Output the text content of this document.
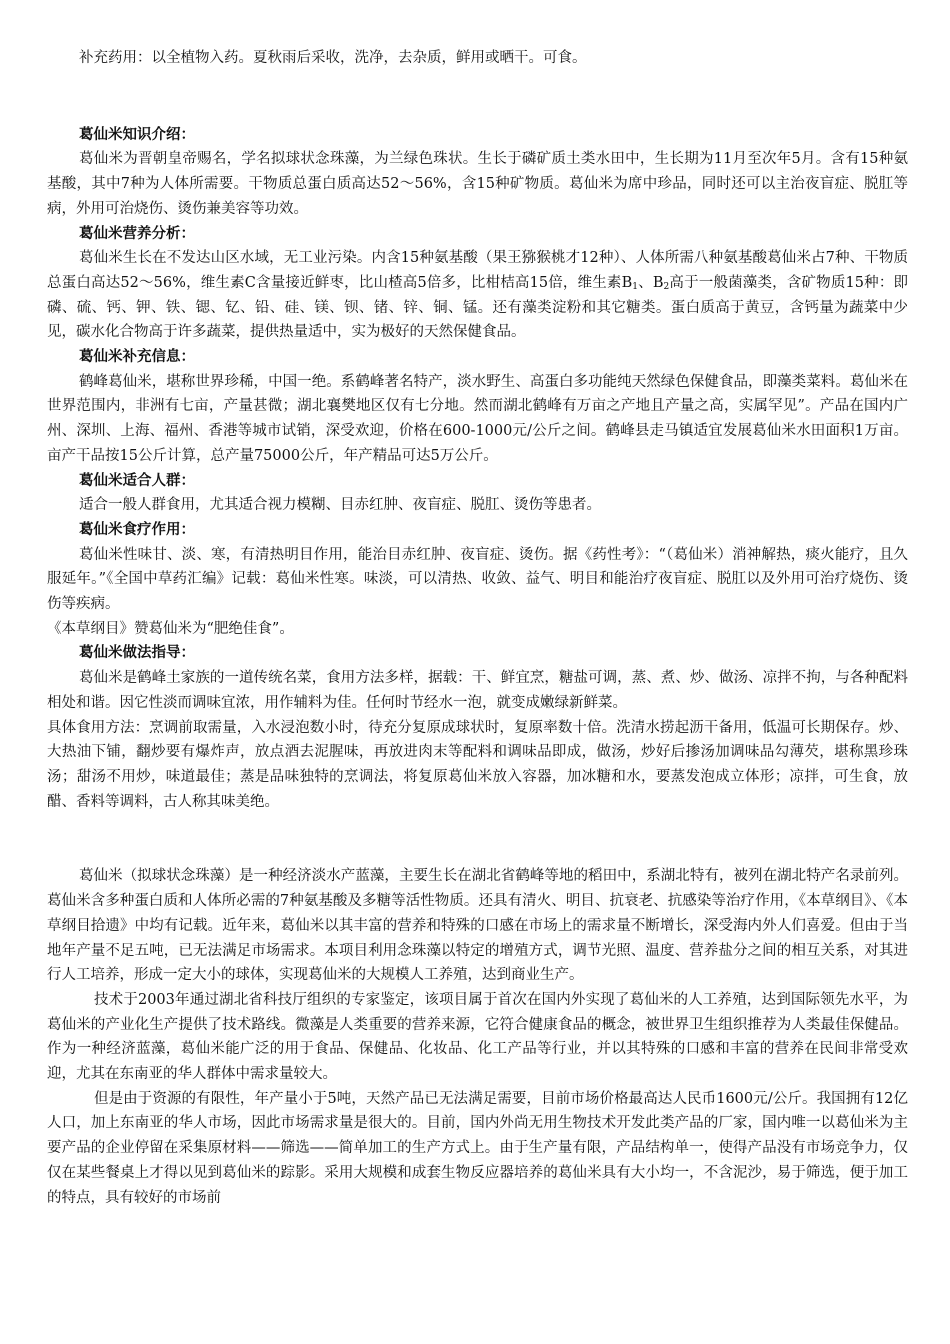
补充药用：以全植物入药。夏秋雨后采收，洗净，去杂质，鲜用或晒干。可食。

葛仙米知识介绍：

葛仙米为晋朝皇帝赐名，学名拟球状念珠藻，为兰绿色珠状。生长于磷矿质土类水田中，生长期为11月至次年5月。含有15种氨基酸，其中7种为人体所需要。干物质总蛋白质高达52～56%，含15种矿物质。葛仙米为席中珍品，同时还可以主治夜盲症、脱肛等病，外用可治烧伤、烫伤兼美容等功效。

葛仙米营养分析：

葛仙米生长在不发达山区水域，无工业污染。内含15种氨基酸（果王猕猴桃才12种）、人体所需八种氨基酸葛仙米占7种、干物质总蛋白高达52～56%，维生素C含量接近鲜枣，比山楂高5倍多，比柑桔高15倍，维生素$B_1$、$B_2$高于一般菌藻类，含矿物质15种：即磷、硫、钙、钾、铁、锶、钇、铅、硅、镁、钡、锗、锌、铜、锰。还有藻类淀粉和其它糖类。蛋白质高于黄豆，含钙量为蔬菜中少见，碳水化合物高于许多蔬菜，提供热量适中，实为极好的天然保健食品。

葛仙米补充信息：

鹤峰葛仙米，堪称世界珍稀，中国一绝。系鹤峰著名特产，淡水野生、高蛋白多功能纯天然绿色保健食品，即藻类菜料。葛仙米在世界范围内，非洲有七亩，产量甚微；湖北襄樊地区仅有七分地。然而湖北鹤峰有万亩之产地且产量之高，实属罕见”。产品在国内广州、深圳、上海、福州、香港等城市试销，深受欢迎，价格在600-1000元/公斤之间。鹤峰县走马镇适宜发展葛仙米水田面积1万亩。亩产干品按15公斤计算，总产量75000公斤，年产精品可达5万公斤。

葛仙米适合人群：

适合一般人群食用，尤其适合视力模糊、目赤红肿、夜盲症、脱肛、烫伤等患者。

葛仙米食疗作用：

葛仙米性味甘、淡、寒，有清热明目作用，能治目赤红肿、夜盲症、烫伤。据《药性考》：“（葛仙米）消神解热，痰火能疗，且久服延年。”《全国中草药汇编》记载：葛仙米性寒。味淡，可以清热、收敛、益气、明目和能治疗夜盲症、脱肛以及外用可治疗烧伤、烫伤等疾病。

《本草纲目》赞葛仙米为“肥绝佳食”。

葛仙米做法指导：

葛仙米是鹤峰土家族的一道传统名菜，食用方法多样，据载：干、鲜宜烹，糖盐可调，蒸、煮、炒、做汤、凉拌不拘，与各种配料相处和谐。因它性淡而调味宜浓，用作辅料为佳。任何时节经水一泡，就变成嫩绿新鲜菜。

具体食用方法：烹调前取需量，入水浸泡数小时，待充分复原成球状时，复原率数十倍。洗清水捞起沥干备用，低温可长期保存。炒、大热油下铺，翻炒要有爆炸声，放点酒去泥腥味，再放进肉末等配料和调味品即成，做汤，炒好后掺汤加调味品勾薄芡，堪称黑珍珠汤；甜汤不用炒，味道最佳；蒸是品味独特的烹调法，将复原葛仙米放入容器，加冰糖和水，要蒸发泡成立体形；凉拌，可生食，放醋、香料等调料，古人称其味美绝。

葛仙米（拟球状念珠藻）是一种经济淡水产蓝藻，主要生长在湖北省鹤峰等地的稻田中，系湖北特有，被列在湖北特产名录前列。葛仙米含多种蛋白质和人体所必需的7种氨基酸及多糖等活性物质。还具有清火、明目、抗衰老、抗感染等治疗作用，《本草纲目》、《本草纲目拾遗》中均有记载。近年来，葛仙米以其丰富的营养和特殊的口感在市场上的需求量不断增长，深受海内外人们喜爱。但由于当地年产量不足五吨，已无法满足市场需求。本项目利用念珠藻以特定的增殖方式，调节光照、温度、营养盐分之间的相互关系，对其进行人工培养，形成一定大小的球体，实现葛仙米的大规模人工养殖，达到商业生产。

技术于2003年通过湖北省科技厅组织的专家鉴定，该项目属于首次在国内外实现了葛仙米的人工养殖，达到国际领先水平，为葛仙米的产业化生产提供了技术路线。微藻是人类重要的营养来源，它符合健康食品的概念，被世界卫生组织推荐为人类最佳保健品。作为一种经济蓝藻，葛仙米能广泛的用于食品、保健品、化妆品、化工产品等行业，并以其特殊的口感和丰富的营养在民间非常受欢迎，尤其在东南亚的华人群体中需求量较大。

但是由于资源的有限性，年产量小于5吨，天然产品已无法满足需要，目前市场价格最高达人民币1600元/公斤。我国拥有12亿人口，加上东南亚的华人市场，因此市场需求量是很大的。目前，国内外尚无用生物技术开发此类产品的厂家，国内唯一以葛仙米为主要产品的企业停留在采集原材料——筛选——简单加工的生产方式上。由于生产量有限，产品结构单一，使得产品没有市场竞争力，仅仅在某些餐桌上才得以见到葛仙米的踪影。采用大规模和成套生物反应器培养的葛仙米具有大小均一，不含泥沙，易于筛选，便于加工的特点，具有较好的市场前
